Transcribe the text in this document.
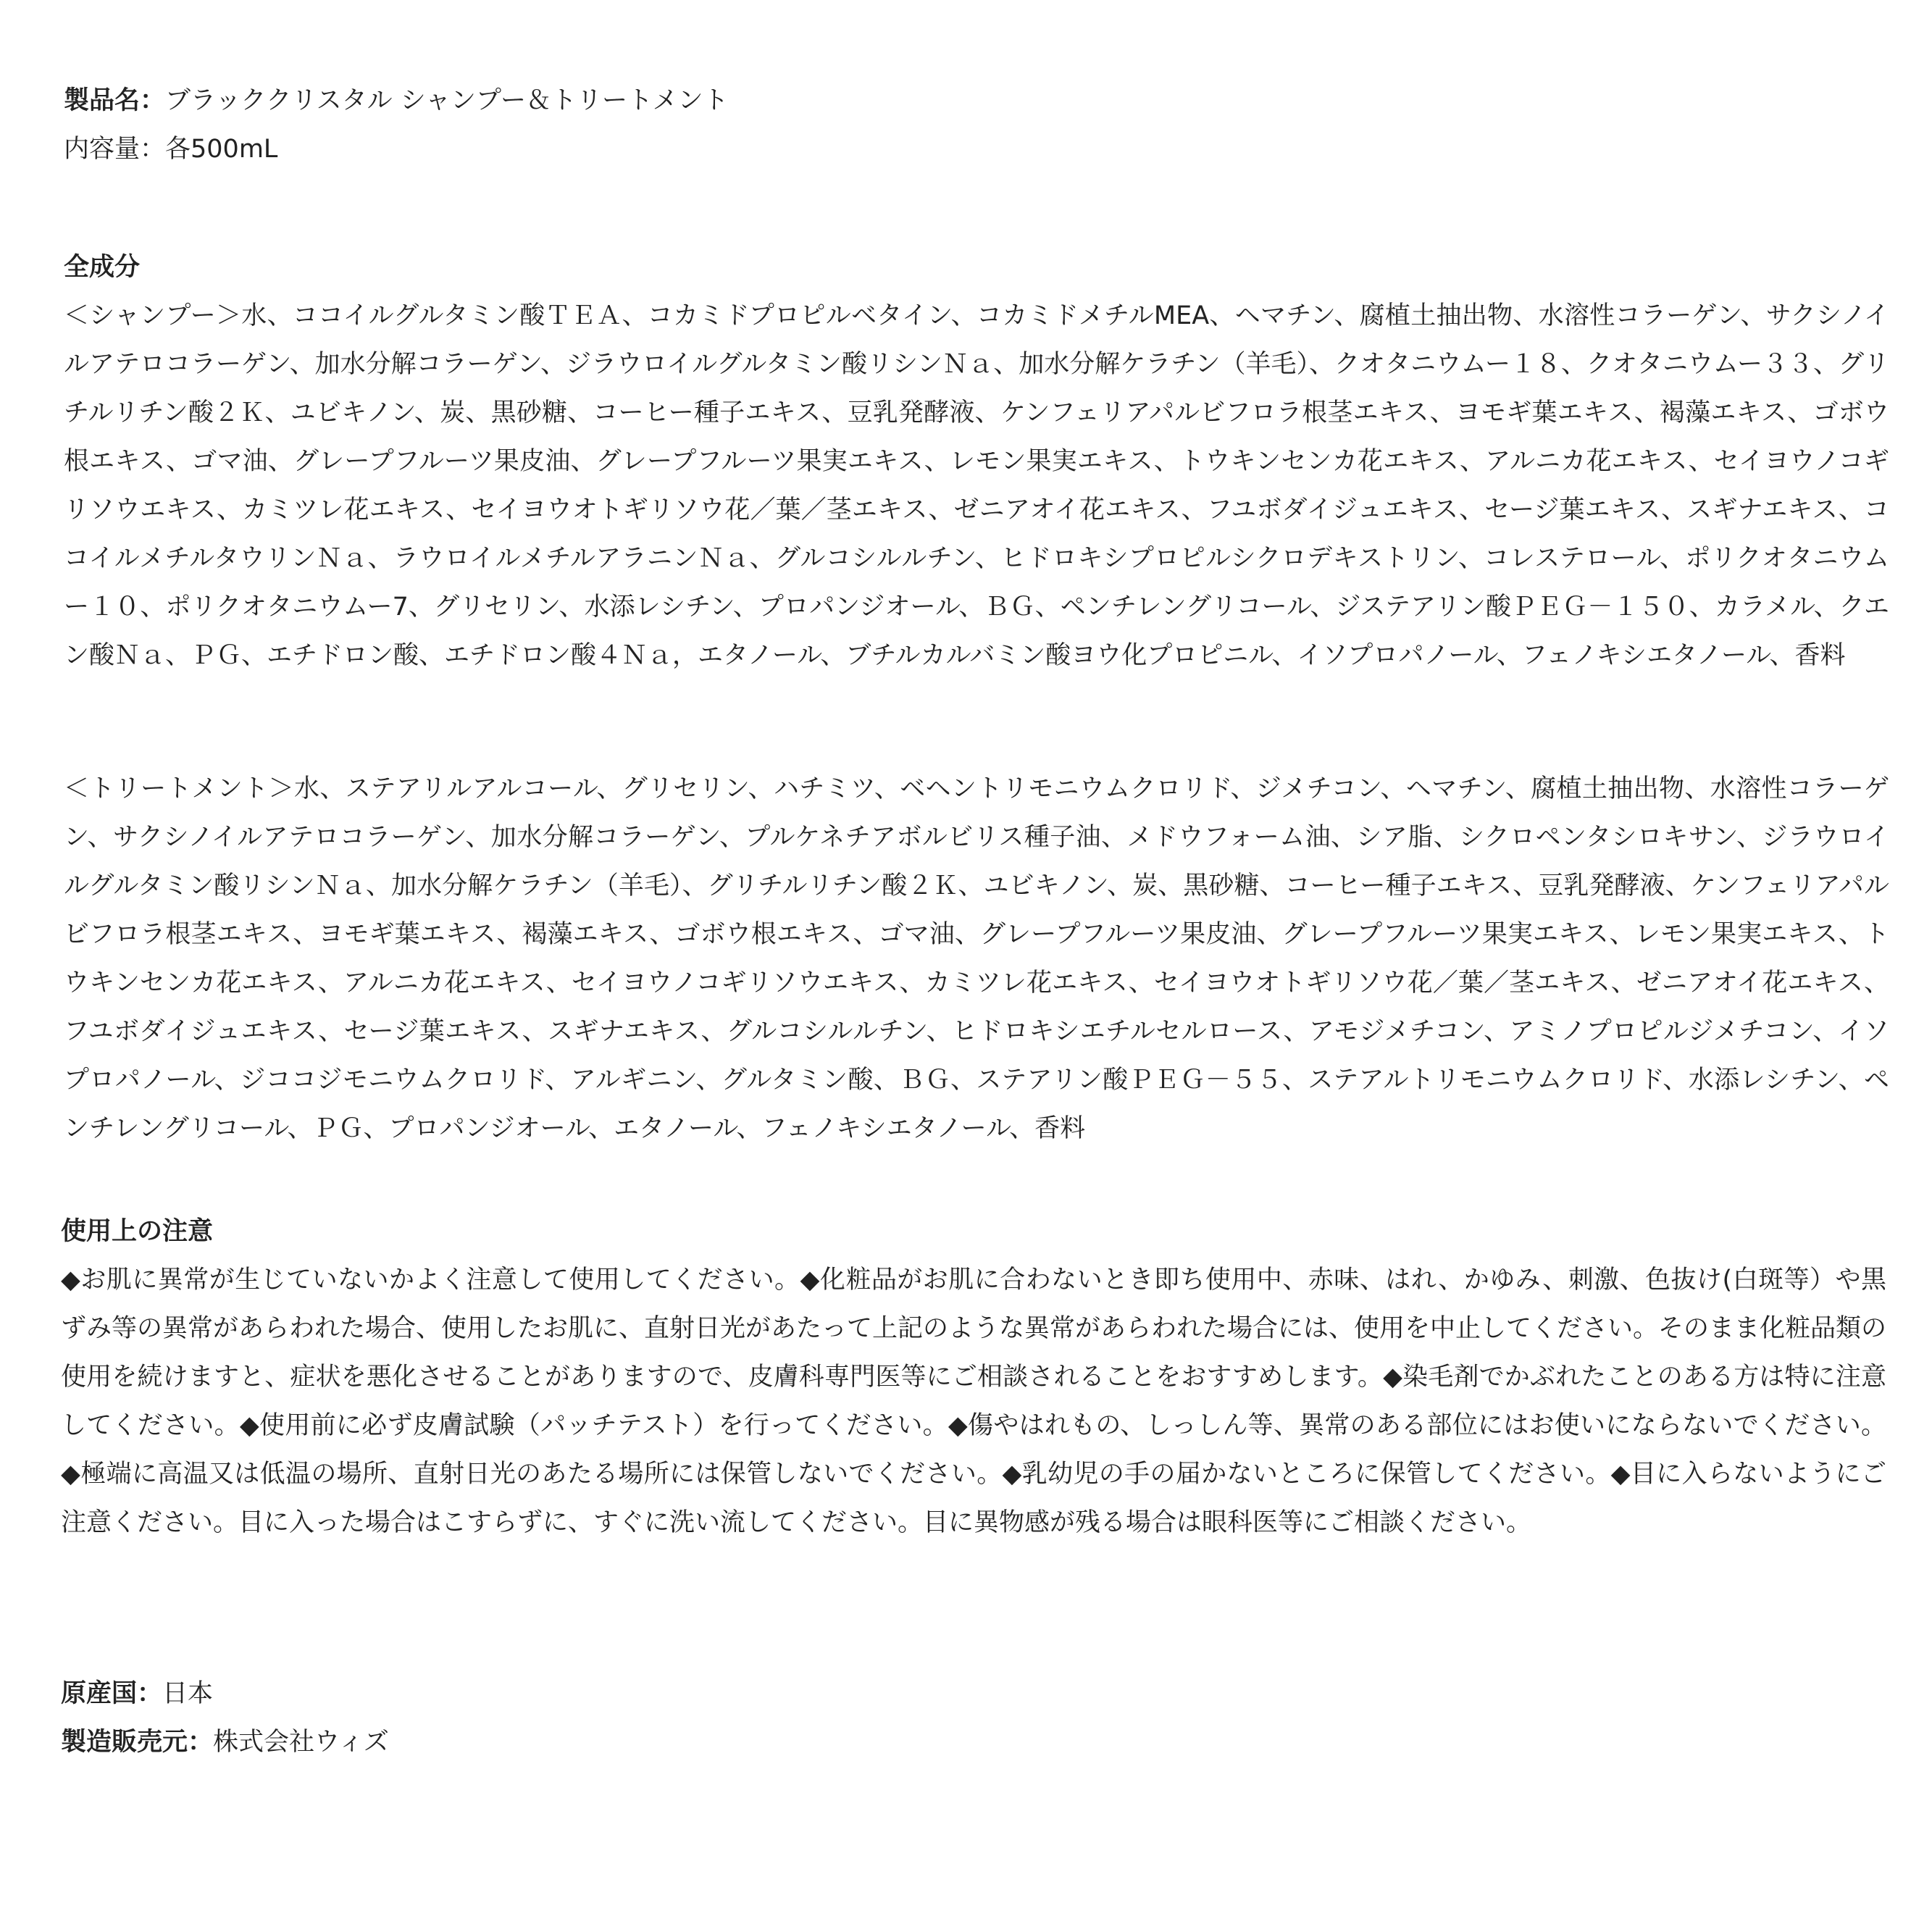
製品名：ブラッククリスタル シャンプー＆トリートメント
内容量：各500mL
全成分
＜シャンプー＞水、ココイルグルタミン酸ＴＥＡ、コカミドプロピルベタイン、コカミドメチルMEA、ヘマチン、腐植土抽出物、水溶性コラーゲン、サクシノイルアテロコラーゲン、加水分解コラーゲン、ジラウロイルグルタミン酸リシンＮａ、加水分解ケラチン（羊毛）、クオタニウムー１８、クオタニウムー３３、グリチルリチン酸２Ｋ、ユビキノン、炭、黒砂糖、コーヒー種子エキス、豆乳発酵液、ケンフェリアパルビフロラ根茎エキス、ヨモギ葉エキス、褐藻エキス、ゴボウ根エキス、ゴマ油、グレープフルーツ果皮油、グレープフルーツ果実エキス、レモン果実エキス、トウキンセンカ花エキス、アルニカ花エキス、セイヨウノコギリソウエキス、カミツレ花エキス、セイヨウオトギリソウ花／葉／茎エキス、ゼニアオイ花エキス、フユボダイジュエキス、セージ葉エキス、スギナエキス、ココイルメチルタウリンＮａ、ラウロイルメチルアラニンＮａ、グルコシルルチン、ヒドロキシプロピルシクロデキストリン、コレステロール、ポリクオタニウムー１０、ポリクオタニウムー7、グリセリン、水添レシチン、プロパンジオール、ＢＧ、ペンチレングリコール、ジステアリン酸ＰＥＧ－１５０、カラメル、クエン酸Ｎａ、ＰＧ、エチドロン酸、エチドロン酸４Ｎａ，エタノール、ブチルカルバミン酸ヨウ化プロピニル、イソプロパノール、フェノキシエタノール、香料
＜トリートメント＞水、ステアリルアルコール、グリセリン、ハチミツ、ベヘントリモニウムクロリド、ジメチコン、ヘマチン、腐植土抽出物、水溶性コラーゲン、サクシノイルアテロコラーゲン、加水分解コラーゲン、プルケネチアボルビリス種子油、メドウフォーム油、シア脂、シクロペンタシロキサン、ジラウロイルグルタミン酸リシンＮａ、加水分解ケラチン（羊毛）、グリチルリチン酸２Ｋ、ユビキノン、炭、黒砂糖、コーヒー種子エキス、豆乳発酵液、ケンフェリアパルビフロラ根茎エキス、ヨモギ葉エキス、褐藻エキス、ゴボウ根エキス、ゴマ油、グレープフルーツ果皮油、グレープフルーツ果実エキス、レモン果実エキス、トウキンセンカ花エキス、アルニカ花エキス、セイヨウノコギリソウエキス、カミツレ花エキス、セイヨウオトギリソウ花／葉／茎エキス、ゼニアオイ花エキス、フユボダイジュエキス、セージ葉エキス、スギナエキス、グルコシルルチン、ヒドロキシエチルセルロース、アモジメチコン、アミノプロピルジメチコン、イソプロパノール、ジココジモニウムクロリド、アルギニン、グルタミン酸、ＢＧ、ステアリン酸ＰＥＧ－５５、ステアルトリモニウムクロリド、水添レシチン、ペンチレングリコール、ＰＧ、プロパンジオール、エタノール、フェノキシエタノール、香料
使用上の注意
◆お肌に異常が生じていないかよく注意して使用してください。◆化粧品がお肌に合わないとき即ち使用中、赤味、はれ、かゆみ、刺激、色抜け(白斑等）や黒ずみ等の異常があらわれた場合、使用したお肌に、直射日光があたって上記のような異常があらわれた場合には、使用を中止してください。そのまま化粧品類の使用を続けますと、症状を悪化させることがありますので、皮膚科専門医等にご相談されることをおすすめします。◆染毛剤でかぶれたことのある方は特に注意してください。◆使用前に必ず皮膚試験（パッチテスト）を行ってください。◆傷やはれもの、しっしん等、異常のある部位にはお使いにならないでください。◆極端に高温又は低温の場所、直射日光のあたる場所には保管しないでください。◆乳幼児の手の届かないところに保管してください。◆目に入らないようにご注意ください。目に入った場合はこすらずに、すぐに洗い流してください。目に異物感が残る場合は眼科医等にご相談ください。
原産国：日本
製造販売元：株式会社ウィズ
